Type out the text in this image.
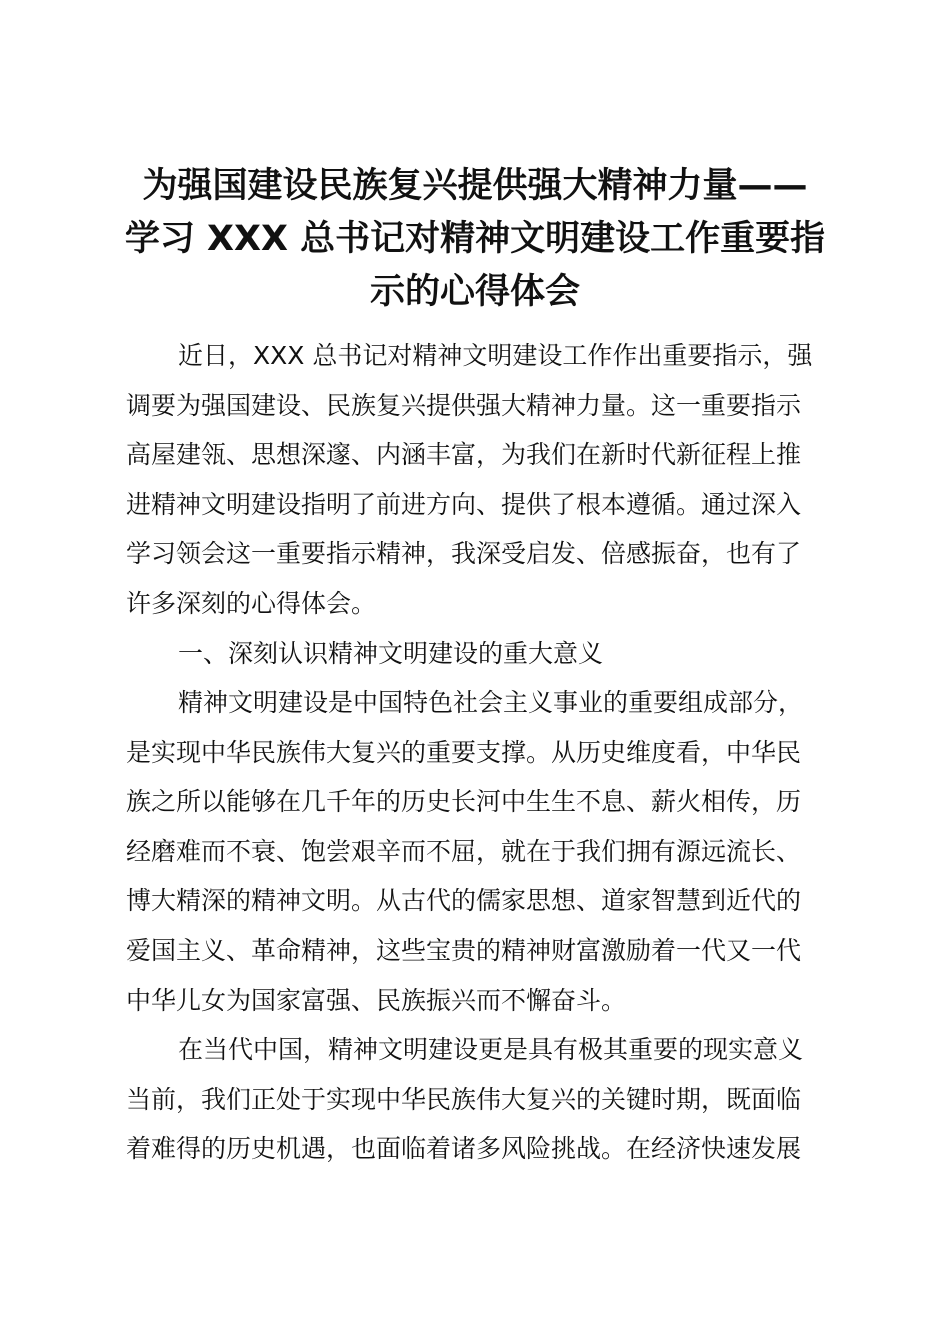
为强国建设民族复兴提供强大精神力量——
学习 XXX 总书记对精神文明建设工作重要指
示的心得体会
近日，XXX 总书记对精神文明建设工作作出重要指示，强
调要为强国建设、民族复兴提供强大精神力量。这一重要指示
高屋建瓴、思想深邃、内涵丰富，为我们在新时代新征程上推
进精神文明建设指明了前进方向、提供了根本遵循。通过深入
学习领会这一重要指示精神，我深受启发、倍感振奋，也有了
许多深刻的心得体会。
一、深刻认识精神文明建设的重大意义
精神文明建设是中国特色社会主义事业的重要组成部分，
是实现中华民族伟大复兴的重要支撑。从历史维度看，中华民
族之所以能够在几千年的历史长河中生生不息、薪火相传，历
经磨难而不衰、饱尝艰辛而不屈，就在于我们拥有源远流长、
博大精深的精神文明。从古代的儒家思想、道家智慧到近代的
爱国主义、革命精神，这些宝贵的精神财富激励着一代又一代
中华儿女为国家富强、民族振兴而不懈奋斗。
在当代中国，精神文明建设更是具有极其重要的现实意义
当前，我们正处于实现中华民族伟大复兴的关键时期，既面临
着难得的历史机遇，也面临着诸多风险挑战。在经济快速发展
